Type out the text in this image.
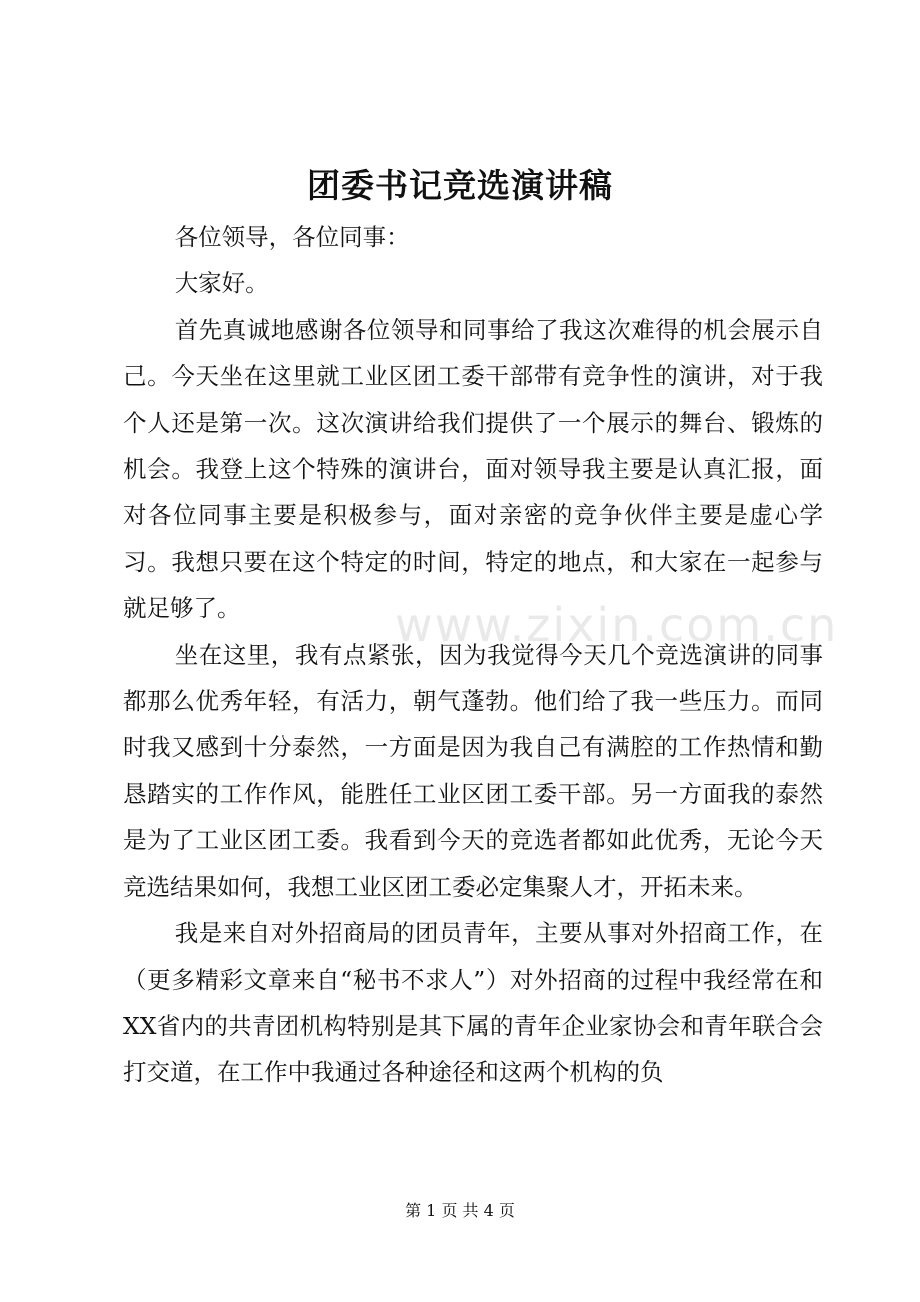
团委书记竞选演讲稿

各位领导，各位同事：

大家好。

首先真诚地感谢各位领导和同事给了我这次难得的机会展示自己。今天坐在这里就工业区团工委干部带有竞争性的演讲，对于我个人还是第一次。这次演讲给我们提供了一个展示的舞台、锻炼的机会。我登上这个特殊的演讲台，面对领导我主要是认真汇报，面对各位同事主要是积极参与，面对亲密的竞争伙伴主要是虚心学习。我想只要在这个特定的时间，特定的地点，和大家在一起参与就足够了。

坐在这里，我有点紧张，因为我觉得今天几个竞选演讲的同事都那么优秀年轻，有活力，朝气蓬勃。他们给了我一些压力。而同时我又感到十分泰然，一方面是因为我自己有满腔的工作热情和勤恳踏实的工作作风，能胜任工业区团工委干部。另一方面我的泰然是为了工业区团工委。我看到今天的竞选者都如此优秀，无论今天竞选结果如何，我想工业区团工委必定集聚人才，开拓未来。

我是来自对外招商局的团员青年，主要从事对外招商工作，在（更多精彩文章来自“秘书不求人”）对外招商的过程中我经常在和XX省内的共青团机构特别是其下属的青年企业家协会和青年联合会打交道，在工作中我通过各种途径和这两个机构的负

www.zixin.com.cn
第 1 页 共 4 页
